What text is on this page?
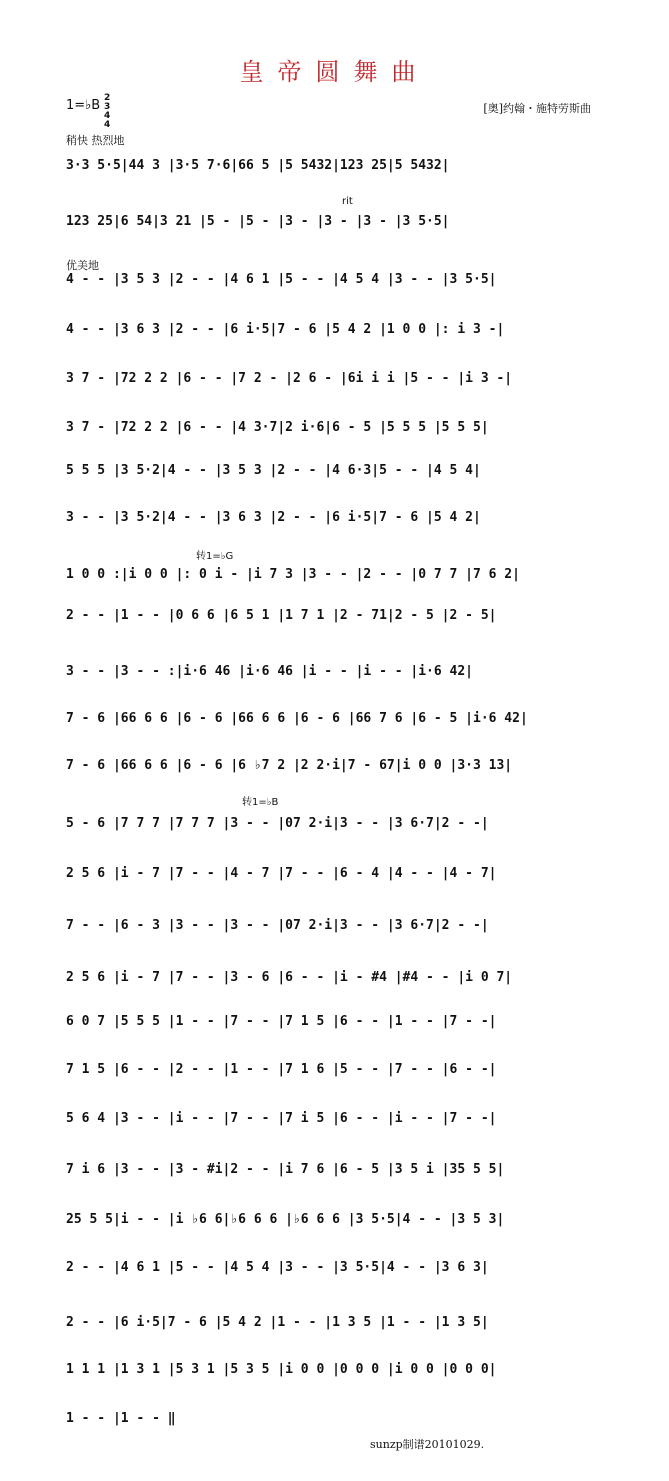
皇帝圆舞曲
1=♭B 2 3
4 4
[奥]约翰・施特劳斯曲
稍快 热烈地
rit
优美地
转1=♭G
转1=♭B
3·3 5·5|44 3 |3·5 7·6|66 5 |5 5432|123 25|5 5432|
123 25|6 54|3 21 |5 - |5 - |3 - |3 - |3 - |3 5·5|
4 - - |3 5 3 |2 - - |4 6 1 |5 - - |4 5 4 |3 - - |3 5·5|
4 - - |3 6 3 |2 - - |6 i·5|7 - 6 |5 4 2 |1 0 0 |: i 3 -|
3 7 - |72 2 2 |6 - - |7 2 - |2 6 - |6i i i |5 - - |i 3 -|
3 7 - |72 2 2 |6 - - |4 3·7|2 i·6|6 - 5 |5 5 5 |5 5 5|
5 5 5 |3 5·2|4 - - |3 5 3 |2 - - |4 6·3|5 - - |4 5 4|
3 - - |3 5·2|4 - - |3 6 3 |2 - - |6 i·5|7 - 6 |5 4 2|
1 0 0 :|i 0 0 |: 0 i - |i 7 3 |3 - - |2 - - |0 7 7 |7 6 2|
2 - - |1 - - |0 6 6 |6 5 1 |1 7 1 |2 - 71|2 - 5 |2 - 5|
3 - - |3 - - :|i·6 46 |i·6 46 |i - - |i - - |i·6 42|
7 - 6 |66 6 6 |6 - 6 |66 6 6 |6 - 6 |66 7 6 |6 - 5 |i·6 42|
7 - 6 |66 6 6 |6 - 6 |6 ♭7 2 |2 2·i|7 - 67|i 0 0 |3·3 13|
5 - 6 |7 7 7 |7 7 7 |3 - - |07 2·i|3 - - |3 6·7|2 - -|
2 5 6 |i - 7 |7 - - |4 - 7 |7 - - |6 - 4 |4 - - |4 - 7|
7 - - |6 - 3 |3 - - |3 - - |07 2·i|3 - - |3 6·7|2 - -|
2 5 6 |i - 7 |7 - - |3 - 6 |6 - - |i - #4 |#4 - - |i 0 7|
6 0 7 |5 5 5 |1 - - |7 - - |7 1 5 |6 - - |1 - - |7 - -|
7 1 5 |6 - - |2 - - |1 - - |7 1 6 |5 - - |7 - - |6 - -|
5 6 4 |3 - - |i - - |7 - - |7 i 5 |6 - - |i - - |7 - -|
7 i 6 |3 - - |3 - #i|2 - - |i 7 6 |6 - 5 |3 5 i |35 5 5|
25 5 5|i - - |i ♭6 6|♭6 6 6 |♭6 6 6 |3 5·5|4 - - |3 5 3|
2 - - |4 6 1 |5 - - |4 5 4 |3 - - |3 5·5|4 - - |3 6 3|
2 - - |6 i·5|7 - 6 |5 4 2 |1 - - |1 3 5 |1 - - |1 3 5|
1 1 1 |1 3 1 |5 3 1 |5 3 5 |i 0 0 |0 0 0 |i 0 0 |0 0 0|
1 - - |1 - - ‖
sunzp制谱20101029.
